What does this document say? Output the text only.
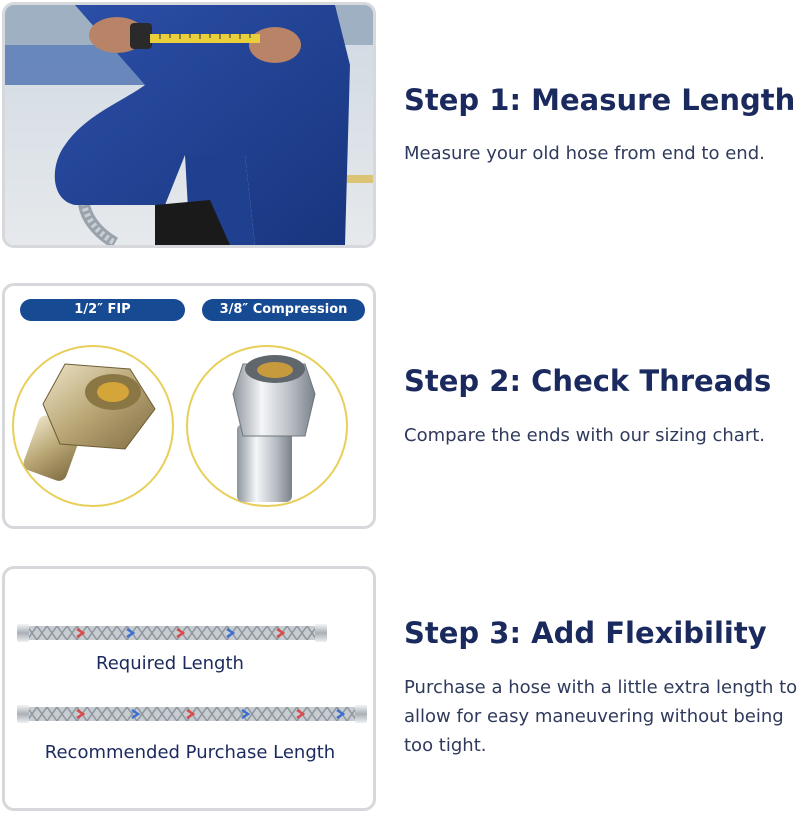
Step 1: Measure Length
Measure your old hose from end to end.
1/2″ FIP	3/8″ Compression
Step 2: Check Threads
Compare the ends with our sizing chart.
Required Length
Recommended Purchase Length
Step 3: Add Flexibility
Purchase a hose with a little extra length to allow for easy maneuvering without being too tight.
